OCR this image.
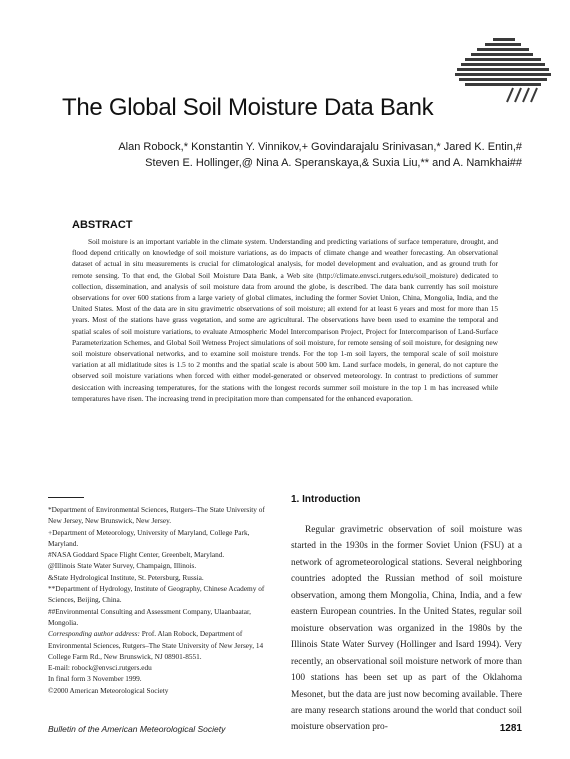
The Global Soil Moisture Data Bank
Alan Robock,* Konstantin Y. Vinnikov,+ Govindarajalu Srinivasan,* Jared K. Entin,#
Steven E. Hollinger,@ Nina A. Speranskaya,& Suxia Liu,** and A. Namkhai##
ABSTRACT

Soil moisture is an important variable in the climate system. Understanding and predicting variations of surface temperature, drought, and flood depend critically on knowledge of soil moisture variations, as do impacts of climate change and weather forecasting. An observational dataset of actual in situ measurements is crucial for climatological analysis, for model development and evaluation, and as ground truth for remote sensing. To that end, the Global Soil Moisture Data Bank, a Web site (http://climate.envsci.rutgers.edu/soil_moisture) dedicated to collection, dissemination, and analysis of soil moisture data from around the globe, is described. The data bank currently has soil moisture observations for over 600 stations from a large variety of global climates, including the former Soviet Union, China, Mongolia, India, and the United States. Most of the data are in situ gravimetric observations of soil moisture; all extend for at least 6 years and most for more than 15 years. Most of the stations have grass vegetation, and some are agricultural. The observations have been used to examine the temporal and spatial scales of soil moisture variations, to evaluate Atmospheric Model Intercomparison Project, Project for Intercomparison of Land-Surface Parameterization Schemes, and Global Soil Wetness Project simulations of soil moisture, for remote sensing of soil moisture, for designing new soil moisture observational networks, and to examine soil moisture trends. For the top 1-m soil layers, the temporal scale of soil moisture variation at all midlatitude sites is 1.5 to 2 months and the spatial scale is about 500 km. Land surface models, in general, do not capture the observed soil moisture variations when forced with either model-generated or observed meteorology. In contrast to predictions of summer desiccation with increasing temperatures, for the stations with the longest records summer soil moisture in the top 1 m has increased while temperatures have risen. The increasing trend in precipitation more than compensated for the enhanced evaporation.

*Department of Environmental Sciences, Rutgers–The State University of New Jersey, New Brunswick, New Jersey.

+Department of Meteorology, University of Maryland, College Park, Maryland.

#NASA Goddard Space Flight Center, Greenbelt, Maryland.

@Illinois State Water Survey, Champaign, Illinois.

&State Hydrological Institute, St. Petersburg, Russia.

**Department of Hydrology, Institute of Geography, Chinese Academy of Sciences, Beijing, China.

##Environmental Consulting and Assessment Company, Ulaanbaatar, Mongolia.

Corresponding author address: Prof. Alan Robock, Department of Environmental Sciences, Rutgers–The State University of New Jersey, 14 College Farm Rd., New Brunswick, NJ 08901-8551.

E-mail: robock@envsci.rutgers.edu

In final form 3 November 1999.

©2000 American Meteorological Society

1. Introduction

Regular gravimetric observation of soil moisture was started in the 1930s in the former Soviet Union (FSU) at a network of agrometeorological stations. Several neighboring countries adopted the Russian method of soil moisture observation, among them Mongolia, China, India, and a few eastern European countries. In the United States, regular soil moisture observation was organized in the 1980s by the Illinois State Water Survey (Hollinger and Isard 1994). Very recently, an observational soil moisture network of more than 100 stations has been set up as part of the Oklahoma Mesonet, but the data are just now becoming available. There are many research stations around the world that conduct soil moisture observation pro-

Bulletin of the American Meteorological Society	1281
